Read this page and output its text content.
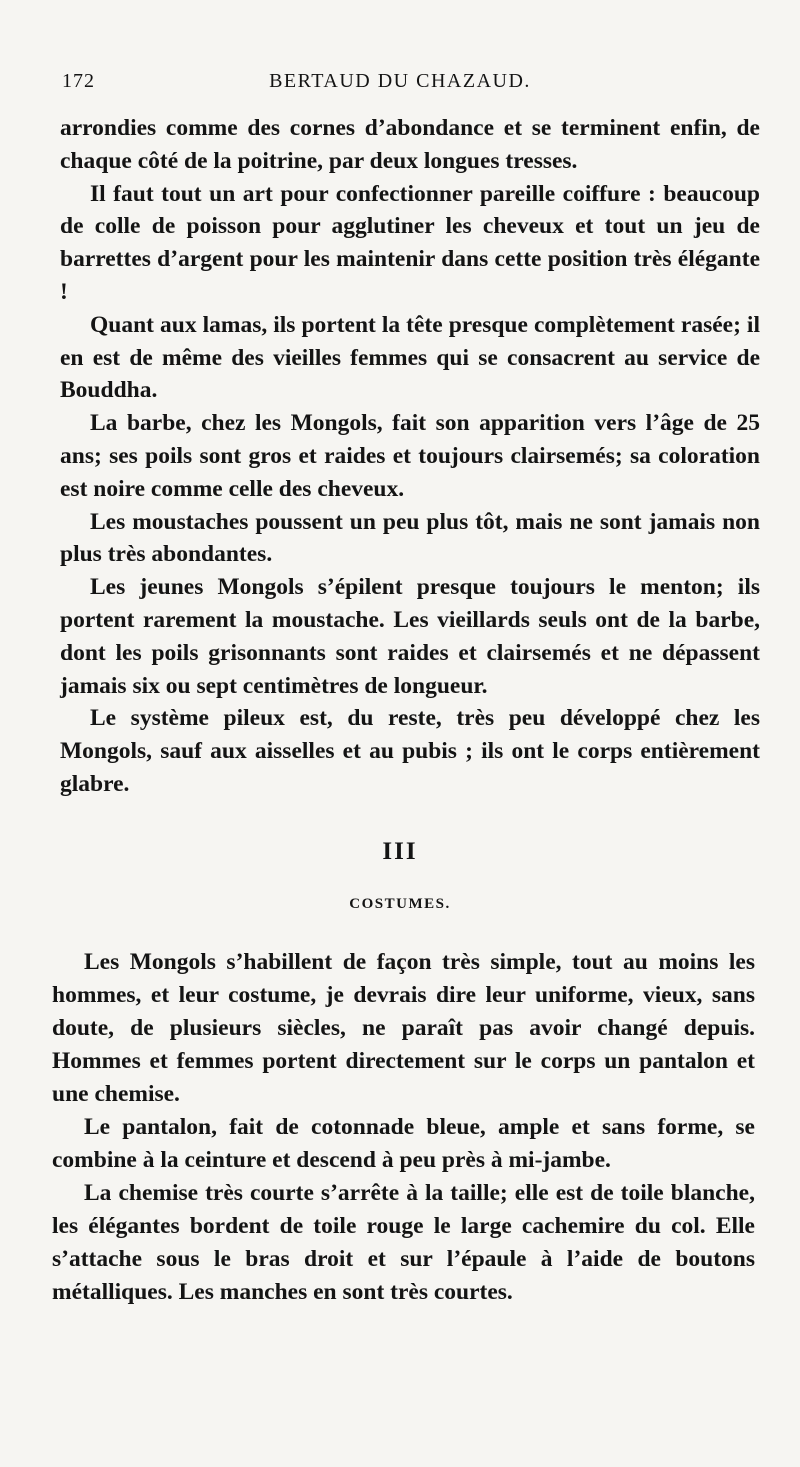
172	BERTAUD DU CHAZAUD.

arrondies comme des cornes d’abondance et se terminent enfin, de chaque côté de la poitrine, par deux longues tresses.

Il faut tout un art pour confectionner pareille coiffure : beaucoup de colle de poisson pour agglutiner les cheveux et tout un jeu de barrettes d’argent pour les maintenir dans cette position très élégante !

Quant aux lamas, ils portent la tête presque complètement rasée; il en est de même des vieilles femmes qui se consacrent au service de Bouddha.

La barbe, chez les Mongols, fait son apparition vers l’âge de 25 ans; ses poils sont gros et raides et toujours clairsemés; sa coloration est noire comme celle des cheveux.

Les moustaches poussent un peu plus tôt, mais ne sont jamais non plus très abondantes.

Les jeunes Mongols s’épilent presque toujours le menton; ils portent rarement la moustache. Les vieillards seuls ont de la barbe, dont les poils grisonnants sont raides et clairsemés et ne dépassent jamais six ou sept centimètres de longueur.

Le système pileux est, du reste, très peu développé chez les Mongols, sauf aux aisselles et au pubis ; ils ont le corps entièrement glabre.

III
COSTUMES.

Les Mongols s’habillent de façon très simple, tout au moins les hommes, et leur costume, je devrais dire leur uniforme, vieux, sans doute, de plusieurs siècles, ne paraît pas avoir changé depuis. Hommes et femmes portent directement sur le corps un pantalon et une chemise.

Le pantalon, fait de cotonnade bleue, ample et sans forme, se combine à la ceinture et descend à peu près à mi-jambe.

La chemise très courte s’arrête à la taille; elle est de toile blanche, les élégantes bordent de toile rouge le large cachemire du col. Elle s’attache sous le bras droit et sur l’épaule à l’aide de boutons métalliques. Les manches en sont très courtes.
